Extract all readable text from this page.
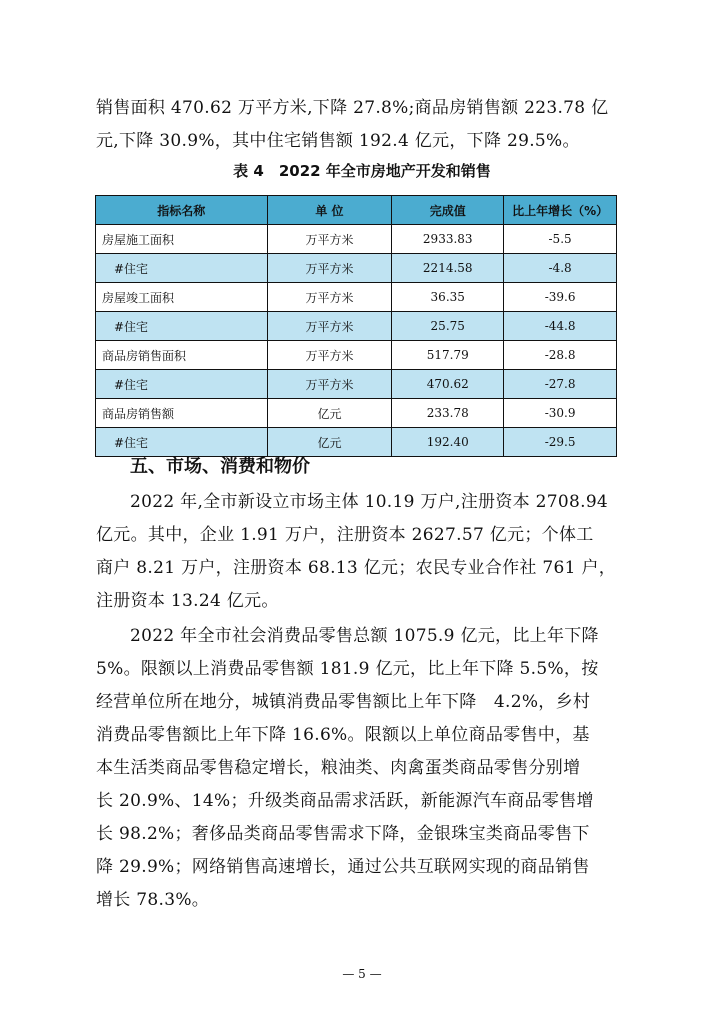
销售面积 470.62 万平方米,下降 27.8%;商品房销售额 223.78 亿
元,下降 30.9%，其中住宅销售额 192.4 亿元，下降 29.5%。
表 4　2022 年全市房地产开发和销售
指标名称	单 位	完成值	比上年增长（%）
房屋施工面积	万平方米	2933.83	-5.5
#住宅	万平方米	2214.58	-4.8
房屋竣工面积	万平方米	36.35	-39.6
#住宅	万平方米	25.75	-44.8
商品房销售面积	万平方米	517.79	-28.8
#住宅	万平方米	470.62	-27.8
商品房销售额	亿元	233.78	-30.9
#住宅	亿元	192.40	-29.5
五、市场、消费和物价
2022 年,全市新设立市场主体 10.19 万户,注册资本 2708.94
亿元。其中，企业 1.91 万户，注册资本 2627.57 亿元；个体工
商户 8.21 万户，注册资本 68.13 亿元；农民专业合作社 761 户，
注册资本 13.24 亿元。
2022 年全市社会消费品零售总额 1075.9 亿元，比上年下降
5%。限额以上消费品零售额 181.9 亿元，比上年下降 5.5%，按
经营单位所在地分，城镇消费品零售额比上年下降　4.2%，乡村
消费品零售额比上年下降 16.6%。限额以上单位商品零售中，基
本生活类商品零售稳定增长，粮油类、肉禽蛋类商品零售分别增
长 20.9%、14%；升级类商品需求活跃，新能源汽车商品零售增
长 98.2%；奢侈品类商品零售需求下降，金银珠宝类商品零售下
降 29.9%；网络销售高速增长，通过公共互联网实现的商品销售
增长 78.3%。
— 5 —
